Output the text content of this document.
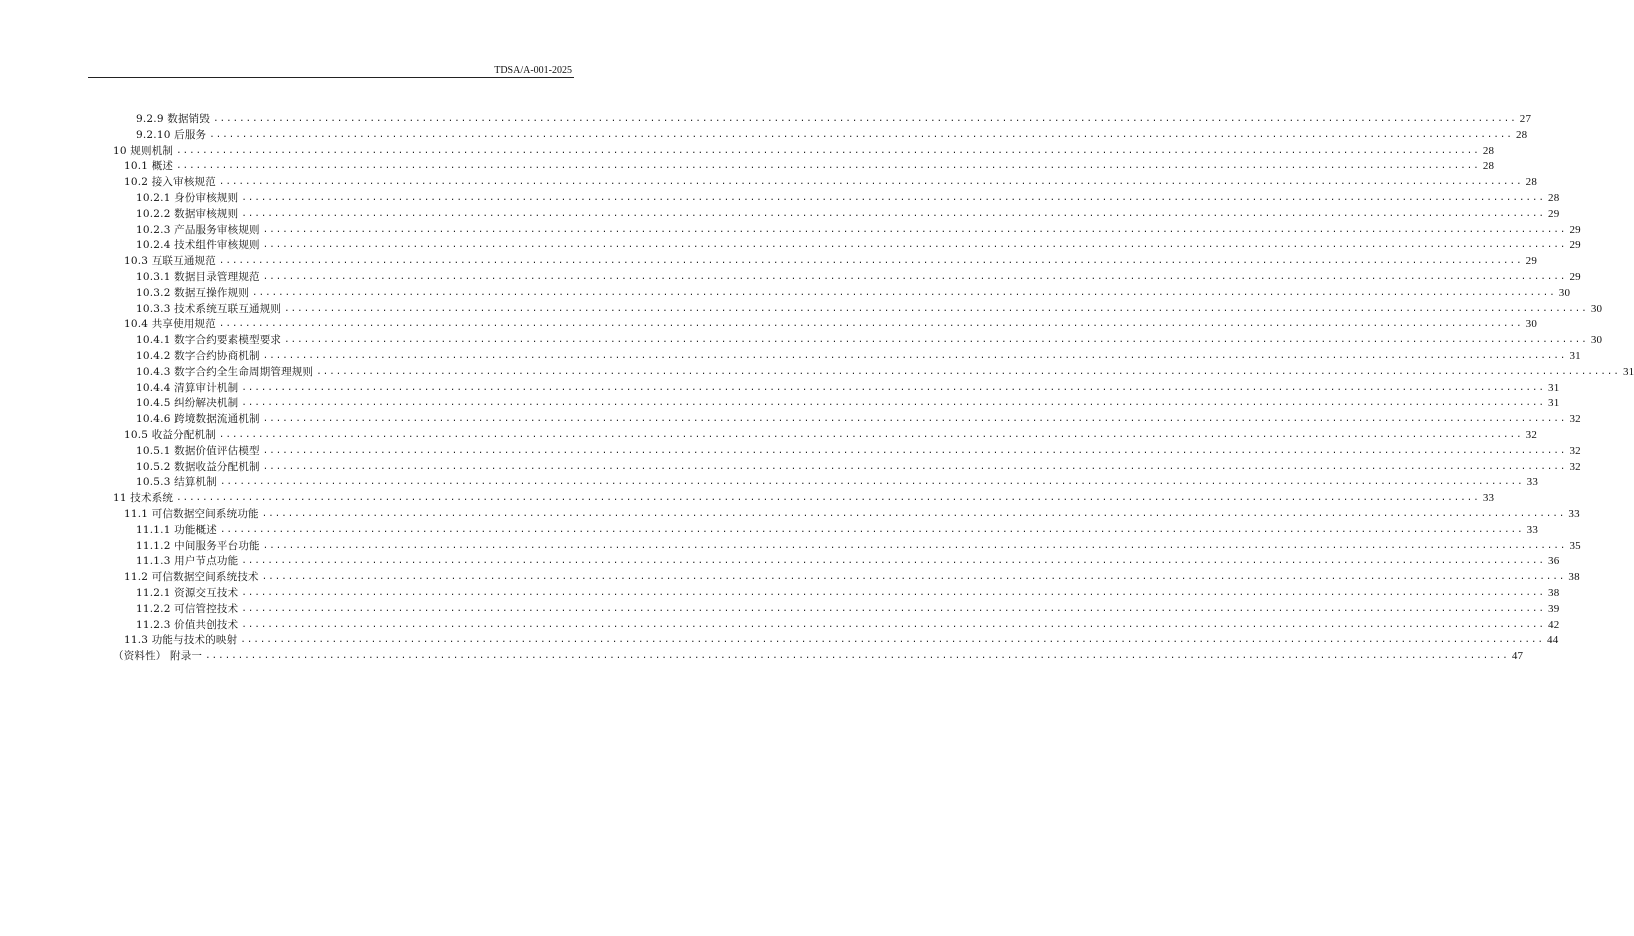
TDSA/A-001-2025
9.2.9 数据销毁 ........................................................................................................................................................................................................ 27
9.2.10 后服务 ........................................................................................................................................................................................................ 28
10 规则机制 ........................................................................................................................................................................................................ 28
10.1 概述 ........................................................................................................................................................................................................ 28
10.2 接入审核规范 ........................................................................................................................................................................................................ 28
10.2.1 身份审核规则 ........................................................................................................................................................................................................ 28
10.2.2 数据审核规则 ........................................................................................................................................................................................................ 29
10.2.3 产品服务审核规则 ........................................................................................................................................................................................................ 29
10.2.4 技术组件审核规则 ........................................................................................................................................................................................................ 29
10.3 互联互通规范 ........................................................................................................................................................................................................ 29
10.3.1 数据目录管理规范 ........................................................................................................................................................................................................ 29
10.3.2 数据互操作规则 ........................................................................................................................................................................................................ 30
10.3.3 技术系统互联互通规则 ........................................................................................................................................................................................................ 30
10.4 共享使用规范 ........................................................................................................................................................................................................ 30
10.4.1 数字合约要素模型要求 ........................................................................................................................................................................................................ 30
10.4.2 数字合约协商机制 ........................................................................................................................................................................................................ 31
10.4.3 数字合约全生命周期管理规则 ........................................................................................................................................................................................................ 31
10.4.4 清算审计机制 ........................................................................................................................................................................................................ 31
10.4.5 纠纷解决机制 ........................................................................................................................................................................................................ 31
10.4.6 跨境数据流通机制 ........................................................................................................................................................................................................ 32
10.5 收益分配机制 ........................................................................................................................................................................................................ 32
10.5.1 数据价值评估模型 ........................................................................................................................................................................................................ 32
10.5.2 数据收益分配机制 ........................................................................................................................................................................................................ 32
10.5.3 结算机制 ........................................................................................................................................................................................................ 33
11 技术系统 ........................................................................................................................................................................................................ 33
11.1 可信数据空间系统功能 ........................................................................................................................................................................................................ 33
11.1.1 功能概述 ........................................................................................................................................................................................................ 33
11.1.2 中间服务平台功能 ........................................................................................................................................................................................................ 35
11.1.3 用户节点功能 ........................................................................................................................................................................................................ 36
11.2 可信数据空间系统技术 ........................................................................................................................................................................................................ 38
11.2.1 资源交互技术 ........................................................................................................................................................................................................ 38
11.2.2 可信管控技术 ........................................................................................................................................................................................................ 39
11.2.3 价值共创技术 ........................................................................................................................................................................................................ 42
11.3 功能与技术的映射 ........................................................................................................................................................................................................ 44
（资料性） 附录一 ........................................................................................................................................................................................................ 47
